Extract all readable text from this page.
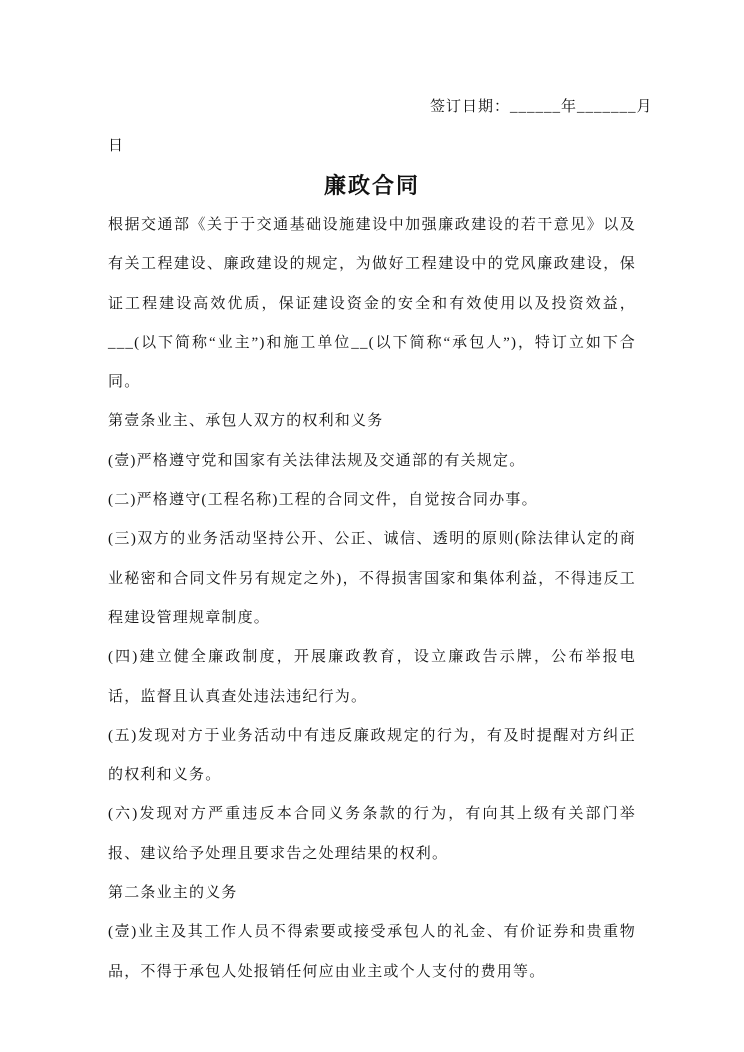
签订日期：______年_______月
日
廉政合同

根据交通部《关于于交通基础设施建设中加强廉政建设的若干意见》以及有关工程建设、廉政建设的规定，为做好工程建设中的党风廉政建设，保证工程建设高效优质，保证建设资金的安全和有效使用以及投资效益，___(以下简称“业主”)和施工单位__(以下简称“承包人”)，特订立如下合同。

第壹条业主、承包人双方的权利和义务

(壹)严格遵守党和国家有关法律法规及交通部的有关规定。

(二)严格遵守(工程名称)工程的合同文件，自觉按合同办事。

(三)双方的业务活动坚持公开、公正、诚信、透明的原则(除法律认定的商业秘密和合同文件另有规定之外)，不得损害国家和集体利益，不得违反工程建设管理规章制度。

(四)建立健全廉政制度，开展廉政教育，设立廉政告示牌，公布举报电话，监督且认真查处违法违纪行为。

(五)发现对方于业务活动中有违反廉政规定的行为，有及时提醒对方纠正的权利和义务。

(六)发现对方严重违反本合同义务条款的行为，有向其上级有关部门举报、建议给予处理且要求告之处理结果的权利。

第二条业主的义务

(壹)业主及其工作人员不得索要或接受承包人的礼金、有价证券和贵重物品，不得于承包人处报销任何应由业主或个人支付的费用等。
